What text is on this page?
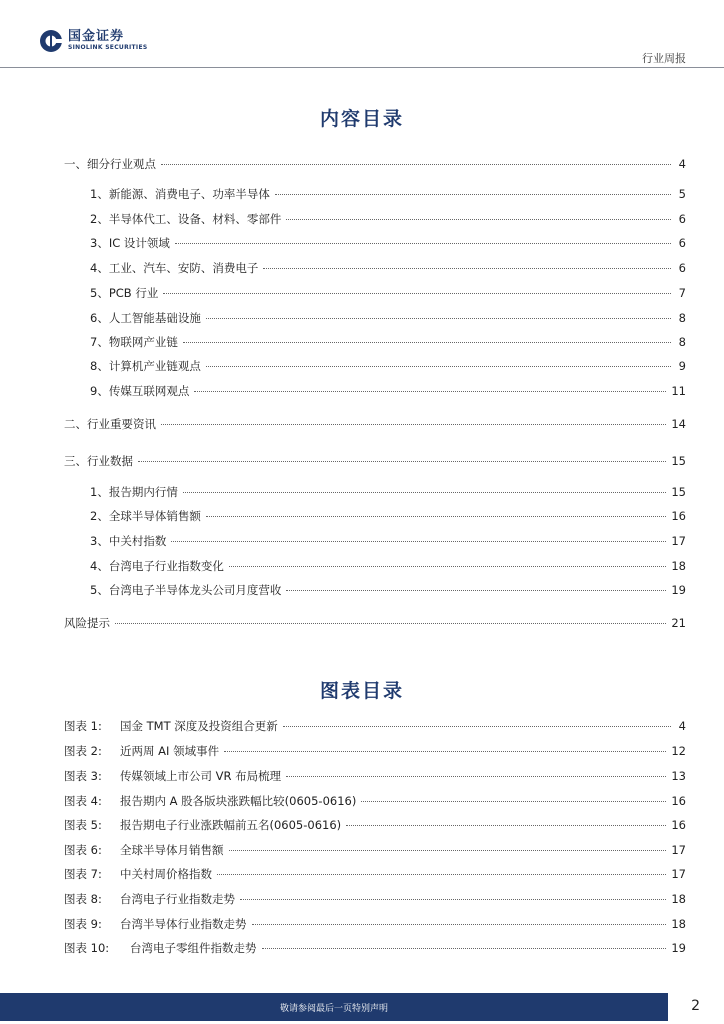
国金证券
SINOLINK SECURITIES
行业周报
内容目录
一、细分行业观点	4
1、新能源、消费电子、功率半导体	5
2、半导体代工、设备、材料、零部件	6
3、IC 设计领域	6
4、工业、汽车、安防、消费电子	6
5、PCB 行业	7
6、人工智能基础设施	8
7、物联网产业链	8
8、计算机产业链观点	9
9、传媒互联网观点	11
二、行业重要资讯	14
三、行业数据	15
1、报告期内行情	15
2、全球半导体销售额	16
3、中关村指数	17
4、台湾电子行业指数变化	18
5、台湾电子半导体龙头公司月度营收	19
风险提示	21
图表目录
图表 1: 国金 TMT 深度及投资组合更新	4
图表 2: 近两周 AI 领域事件	12
图表 3: 传媒领域上市公司 VR 布局梳理	13
图表 4: 报告期内 A 股各版块涨跌幅比较(0605-0616)	16
图表 5: 报告期电子行业涨跌幅前五名(0605-0616)	16
图表 6: 全球半导体月销售额	17
图表 7: 中关村周价格指数	17
图表 8: 台湾电子行业指数走势	18
图表 9: 台湾半导体行业指数走势	18
图表 10: 台湾电子零组件指数走势	19
敬请参阅最后一页特别声明	2
